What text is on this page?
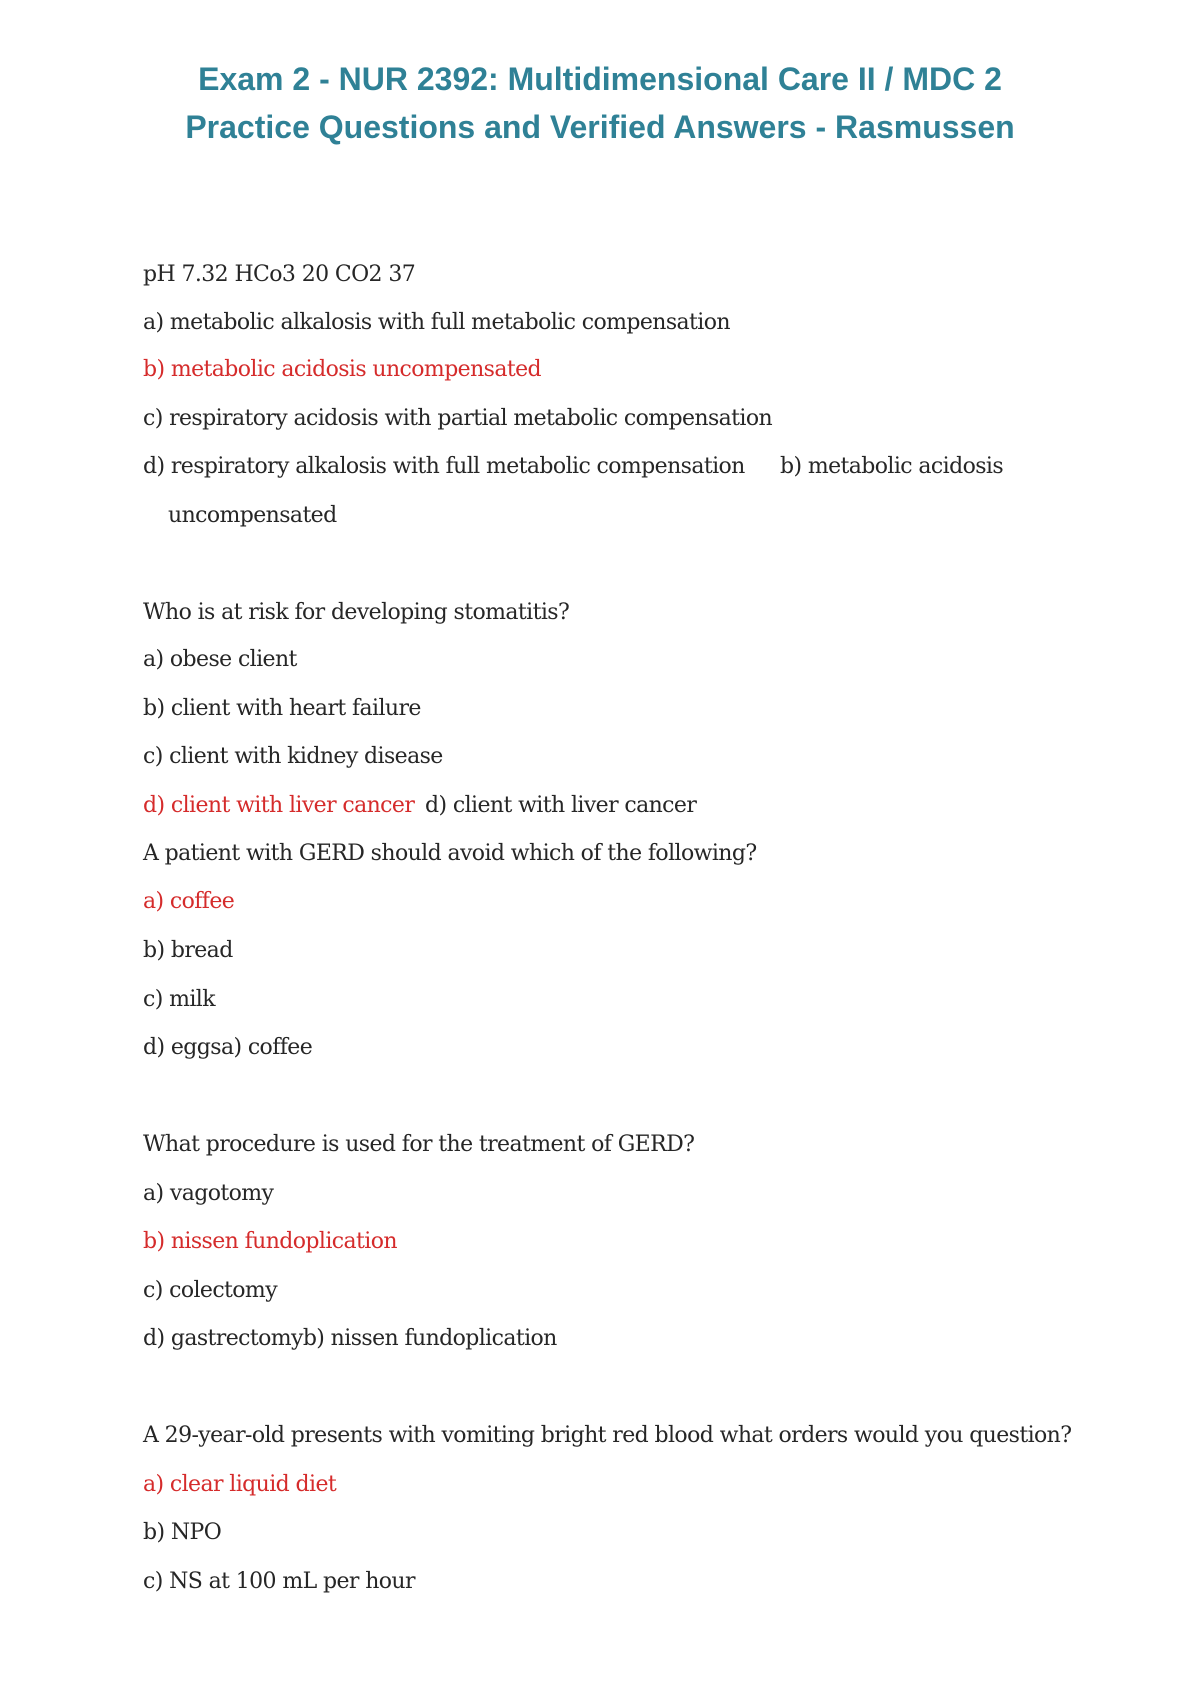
Exam 2 - NUR 2392: Multidimensional Care II / MDC 2
Practice Questions and Verified Answers - Rasmussen
pH 7.32 HCo3 20 CO2 37
a) metabolic alkalosis with full metabolic compensation
b) metabolic acidosis uncompensated
c) respiratory acidosis with partial metabolic compensation
d) respiratory alkalosis with full metabolic compensation b) metabolic acidosis
uncompensated
Who is at risk for developing stomatitis?
a) obese client
b) client with heart failure
c) client with kidney disease
d) client with liver cancer d) client with liver cancer
A patient with GERD should avoid which of the following?
a) coffee
b) bread
c) milk
d) eggsa) coffee
What procedure is used for the treatment of GERD?
a) vagotomy
b) nissen fundoplication
c) colectomy
d) gastrectomyb) nissen fundoplication
A 29-year-old presents with vomiting bright red blood what orders would you question?
a) clear liquid diet
b) NPO
c) NS at 100 mL per hour
